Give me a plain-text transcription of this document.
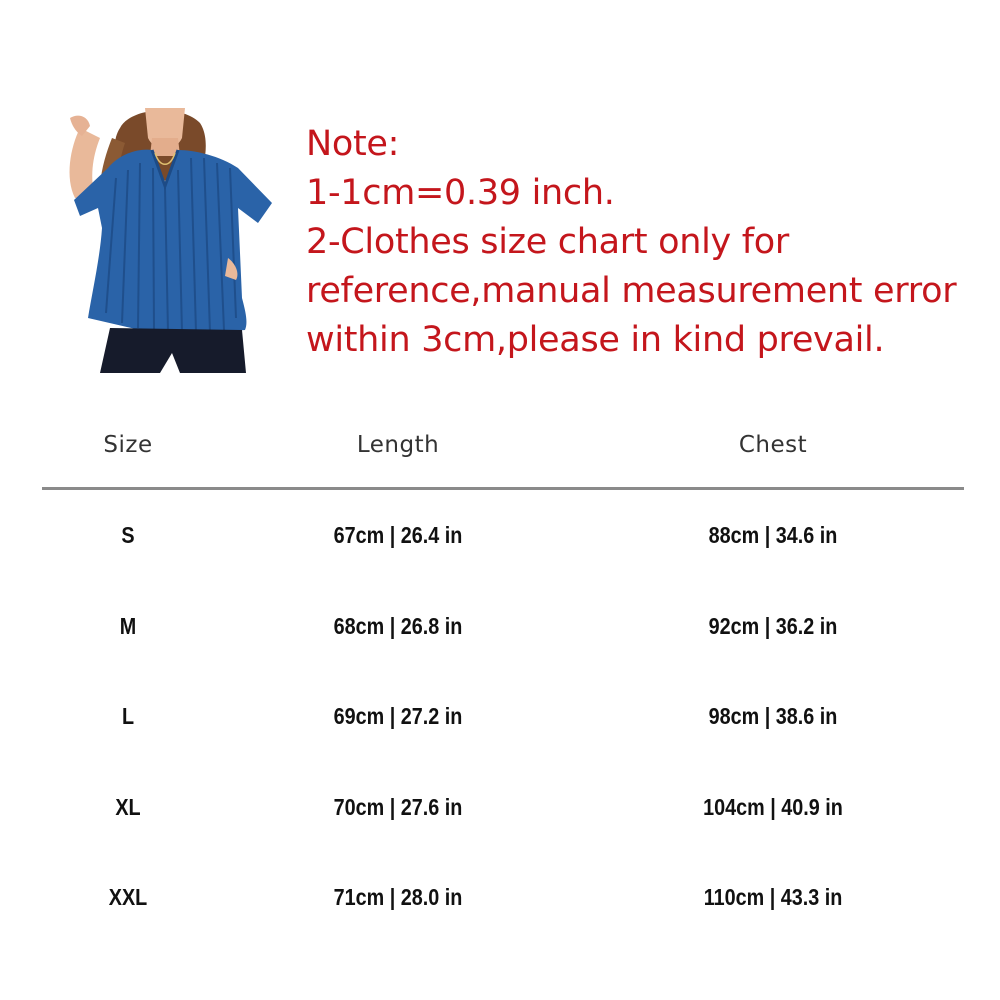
Note:
1-1cm=0.39 inch.
2-Clothes size chart only for
reference,manual measurement error
within 3cm,please in kind prevail.
Size	Length	Chest
S	67cm | 26.4 in	88cm | 34.6 in
M	68cm | 26.8 in	92cm | 36.2 in
L	69cm | 27.2 in	98cm | 38.6 in
XL	70cm | 27.6 in	104cm | 40.9 in
XXL	71cm | 28.0 in	110cm | 43.3 in
